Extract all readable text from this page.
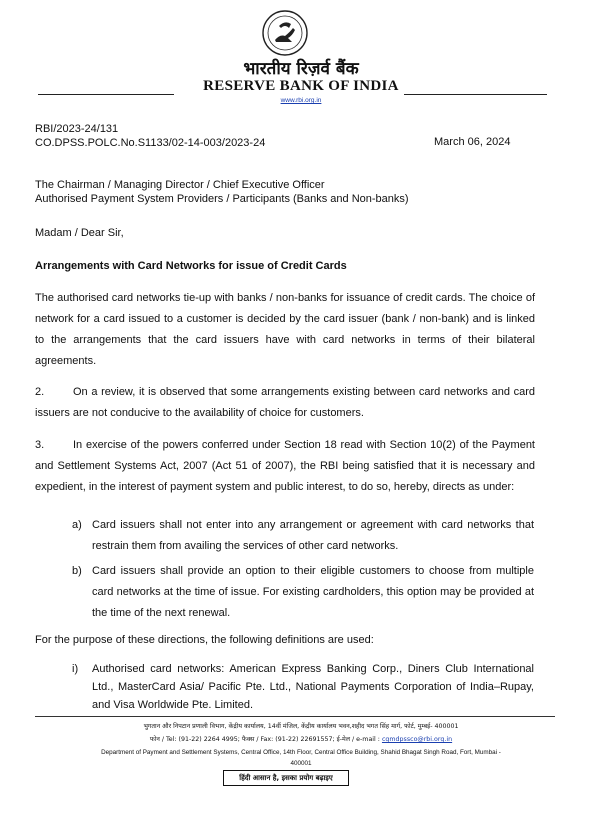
भारतीय रिज़र्व बैंक
RESERVE BANK OF INDIA
www.rbi.org.in
RBI/2023-24/131
CO.DPSS.POLC.No.S1133/02-14-003/2023-24	March 06, 2024
The Chairman / Managing Director / Chief Executive Officer
Authorised Payment System Providers / Participants (Banks and Non-banks)
Madam / Dear Sir,
Arrangements with Card Networks for issue of Credit Cards
The authorised card networks tie-up with banks / non-banks for issuance of credit cards. The choice of network for a card issued to a customer is decided by the card issuer (bank / non-bank) and is linked to the arrangements that the card issuers have with card networks in terms of their bilateral agreements.
2.	On a review, it is observed that some arrangements existing between card networks and card issuers are not conducive to the availability of choice for customers.
3.	In exercise of the powers conferred under Section 18 read with Section 10(2) of the Payment and Settlement Systems Act, 2007 (Act 51 of 2007), the RBI being satisfied that it is necessary and expedient, in the interest of payment system and public interest, to do so, hereby, directs as under:
a) Card issuers shall not enter into any arrangement or agreement with card networks that restrain them from availing the services of other card networks.
b) Card issuers shall provide an option to their eligible customers to choose from multiple card networks at the time of issue. For existing cardholders, this option may be provided at the time of the next renewal.
For the purpose of these directions, the following definitions are used:
i) Authorised card networks: American Express Banking Corp., Diners Club International Ltd., MasterCard Asia/ Pacific Pte. Ltd., National Payments Corporation of India–Rupay, and Visa Worldwide Pte. Limited.
भुगतान और निपटान प्रणाली विभाग, केंद्रीय कार्यालय, 14वीं मंजिल, केंद्रीय कार्यालय भवन,शहीद भगत सिंह मार्ग, फोर्ट, मुम्बई- 400001
फोन / Tel: (91-22) 2264 4995; फैक्स / Fax: (91-22) 22691557; ई-मेल / e-mail : cgmdpssco@rbi.org.in
Department of Payment and Settlement Systems, Central Office, 14th Floor, Central Office Building, Shahid Bhagat Singh Road, Fort, Mumbai -
400001
हिंदी आसान है, इसका प्रयोग बढ़ाइए
